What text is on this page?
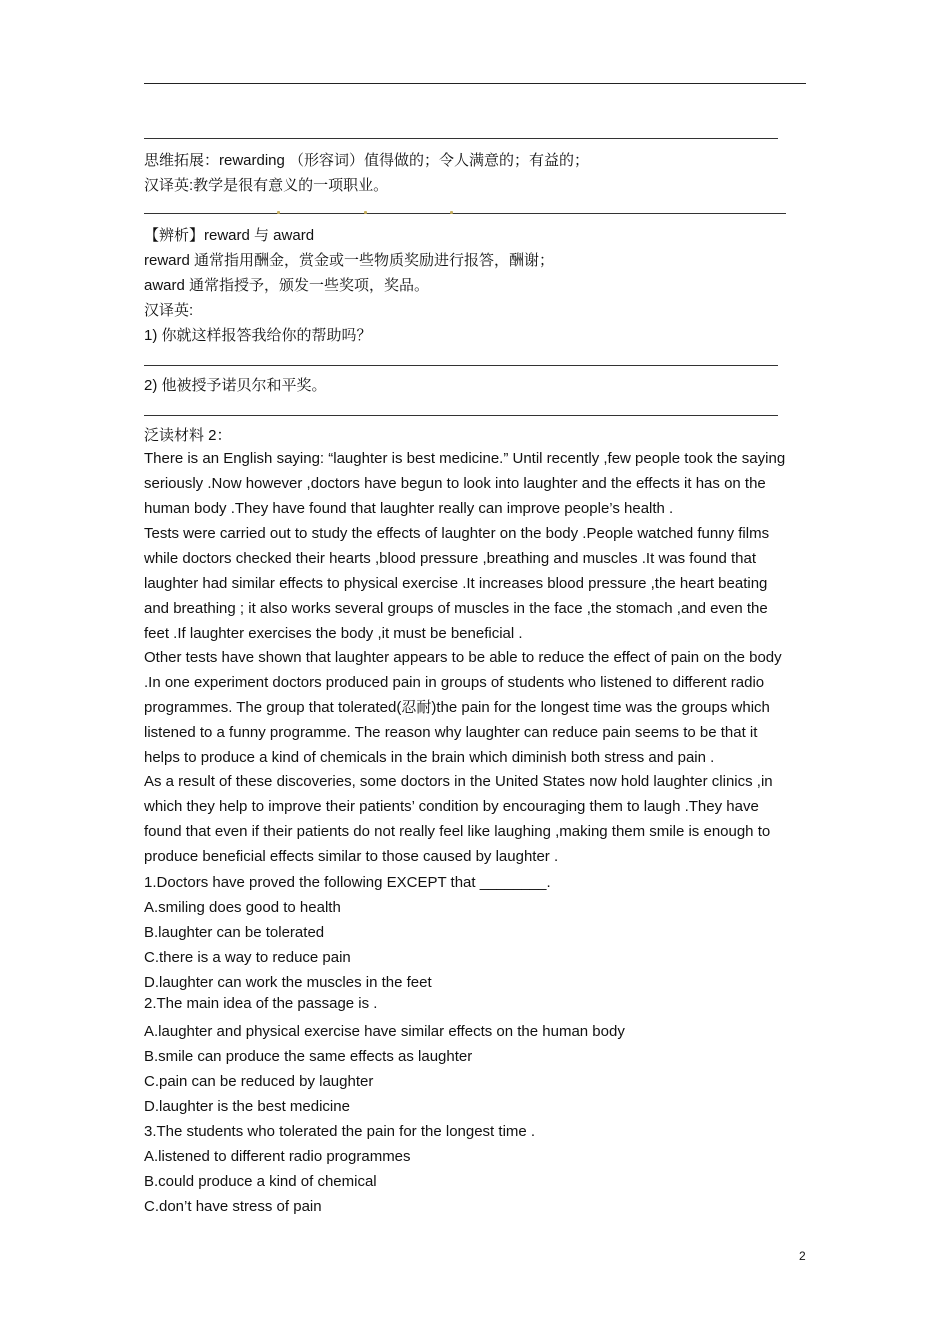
思维拓展：rewarding （形容词）值得做的；令人满意的；有益的；
汉译英:教学是很有意义的一项职业。
【辨析】reward 与 award
reward 通常指用酬金，赏金或一些物质奖励进行报答，酬谢；
award 通常指授予，颁发一些奖项，奖品。
汉译英:
1) 你就这样报答我给你的帮助吗？
2) 他被授予诺贝尔和平奖。
泛读材料 2：
There is an English saying: “laughter is best medicine.” Until recently ,few people took the saying
seriously .Now however ,doctors have begun to look into laughter and the effects it has on the
human body .They have found that laughter really can improve people’s health .
Tests were carried out to study the effects of laughter on the body .People watched funny films
while doctors checked their hearts ,blood pressure ,breathing and muscles .It was found that
laughter had similar effects to physical exercise .It increases blood pressure ,the heart beating
and breathing ; it also works several groups of muscles in the face ,the stomach ,and even the
feet .If laughter exercises the body ,it must be beneficial .
Other tests have shown that laughter appears to be able to reduce the effect of pain on the body
.In one experiment doctors produced pain in groups of students who listened to different radio
programmes. The group that tolerated(忍耐)the pain for the longest time was the groups which
listened to a funny programme. The reason why laughter can reduce pain seems to be that it
helps to produce a kind of chemicals in the brain which diminish both stress and pain .
As a result of these discoveries, some doctors in the United States now hold laughter clinics ,in
which they help to improve their patients’ condition by encouraging them to laugh .They have
found that even if their patients do not really feel like laughing ,making them smile is enough to
produce beneficial effects similar to those caused by laughter .
1.Doctors have proved the following EXCEPT that ________.
A.smiling does good to health
B.laughter can be tolerated
C.there is a way to reduce pain
D.laughter can work the muscles in the feet
2.The main idea of the passage is .
A.laughter and physical exercise have similar effects on the human body
B.smile can produce the same effects as laughter
C.pain can be reduced by laughter
D.laughter is the best medicine
3.The students who tolerated the pain for the longest time .
A.listened to different radio programmes
B.could produce a kind of chemical
C.don’t have stress of pain
2
